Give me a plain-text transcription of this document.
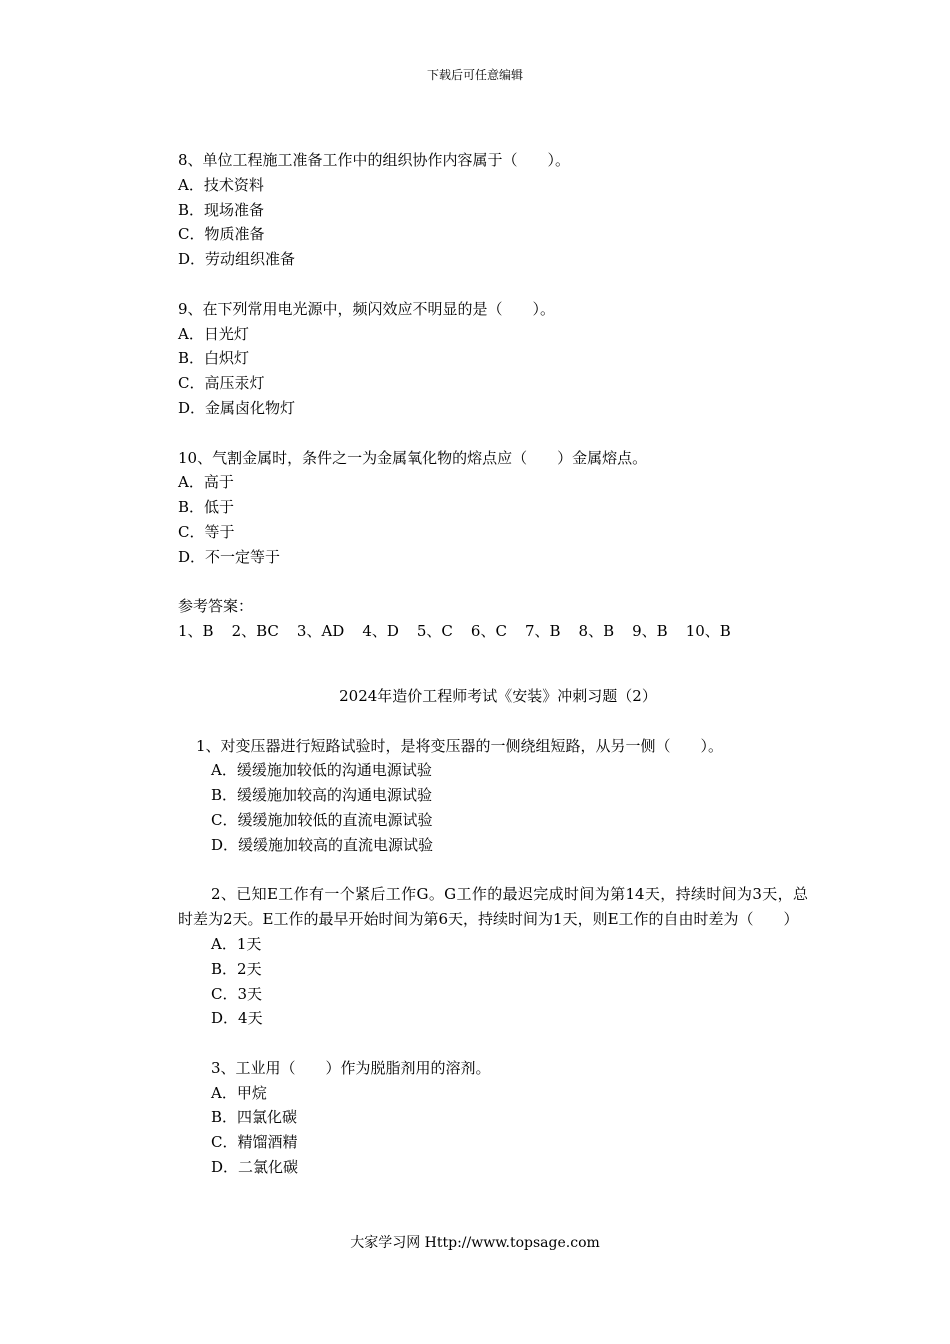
下载后可任意编辑
8、单位工程施工准备工作中的组织协作内容属于（　　）。
A．技术资料
B．现场准备
C．物质准备
D．劳动组织准备
9、在下列常用电光源中，频闪效应不明显的是（　　）。
A．日光灯
B．白炽灯
C．高压汞灯
D．金属卤化物灯
10、气割金属时，条件之一为金属氧化物的熔点应（　　）金属熔点。
A．高于
B．低于
C．等于
D．不一定等于
参考答案：
1、B 2、BC 3、AD 4、D 5、C 6、C 7、B 8、B 9、B 10、B
2024年造价工程师考试《安装》冲刺习题（2）
1、对变压器进行短路试验时，是将变压器的一侧绕组短路，从另一侧（　　）。
A．缓缓施加较低的沟通电源试验
B．缓缓施加较高的沟通电源试验
C．缓缓施加较低的直流电源试验
D．缓缓施加较高的直流电源试验
2、已知E工作有一个紧后工作G。G工作的最迟完成时间为第14天，持续时间为3天，总时差为2天。E工作的最早开始时间为第6天，持续时间为1天，则E工作的自由时差为（　　）
A．1天
B．2天
C．3天
D．4天
3、工业用（　　）作为脱脂剂用的溶剂。
A．甲烷
B．四氯化碳
C．精馏酒精
D．二氯化碳
大家学习网 Http://www.topsage.com
